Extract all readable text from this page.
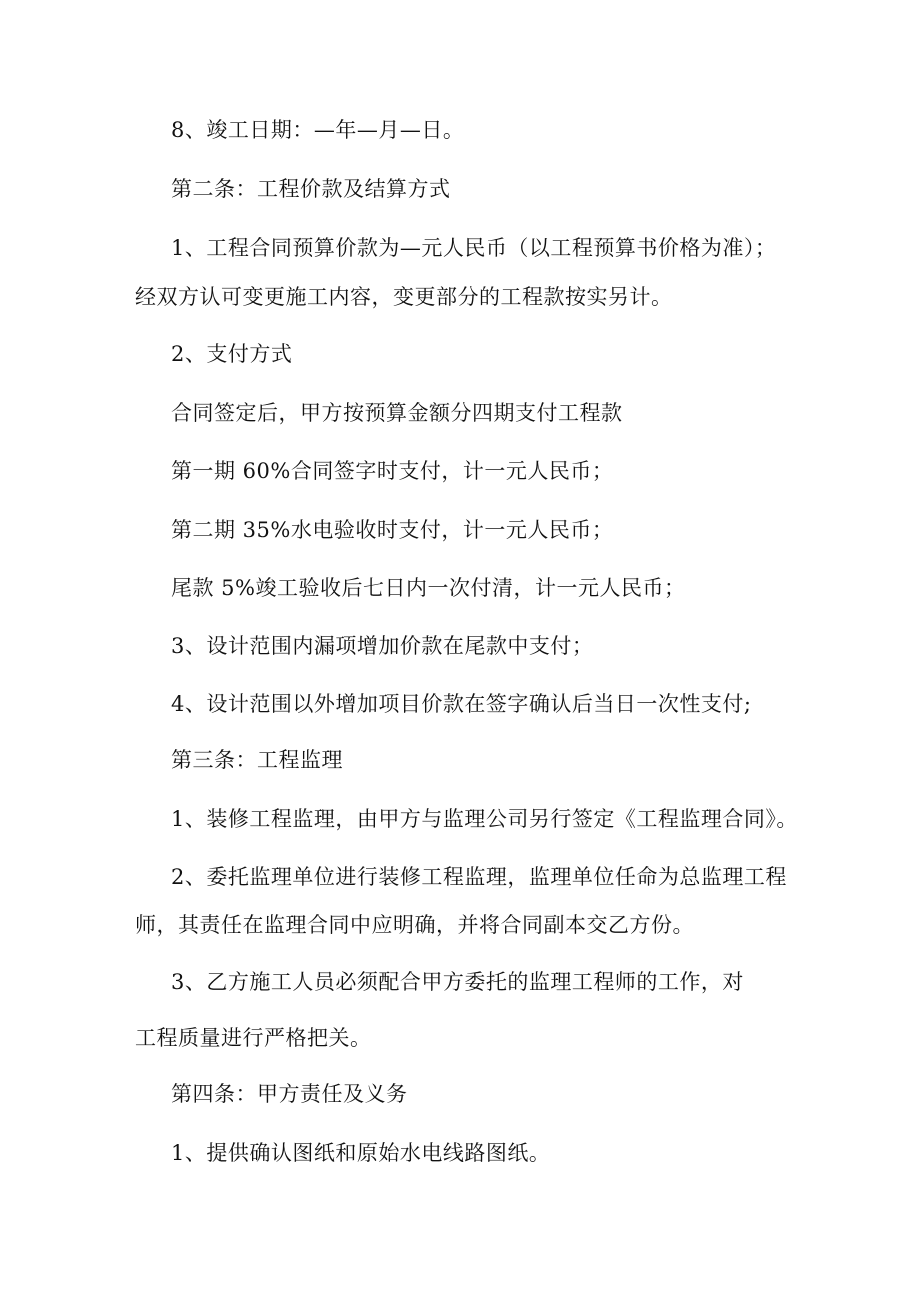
8、竣工日期：—年—月—日。
第二条：工程价款及结算方式
1、工程合同预算价款为—元人民币（以工程预算书价格为准）；
经双方认可变更施工内容，变更部分的工程款按实另计。
2、支付方式
合同签定后，甲方按预算金额分四期支付工程款
第一期 60%合同签字时支付，计一元人民币；
第二期 35%水电验收时支付，计一元人民币；
尾款 5%竣工验收后七日内一次付清，计一元人民币；
3、设计范围内漏项增加价款在尾款中支付；
4、设计范围以外增加项目价款在签字确认后当日一次性支付;
第三条：工程监理
1、装修工程监理，由甲方与监理公司另行签定《工程监理合同》。
2、委托监理单位进行装修工程监理，监理单位任命为总监理工程
师，其责任在监理合同中应明确，并将合同副本交乙方份。
3、乙方施工人员必须配合甲方委托的监理工程师的工作，对
工程质量进行严格把关。
第四条：甲方责任及义务
1、提供确认图纸和原始水电线路图纸。
